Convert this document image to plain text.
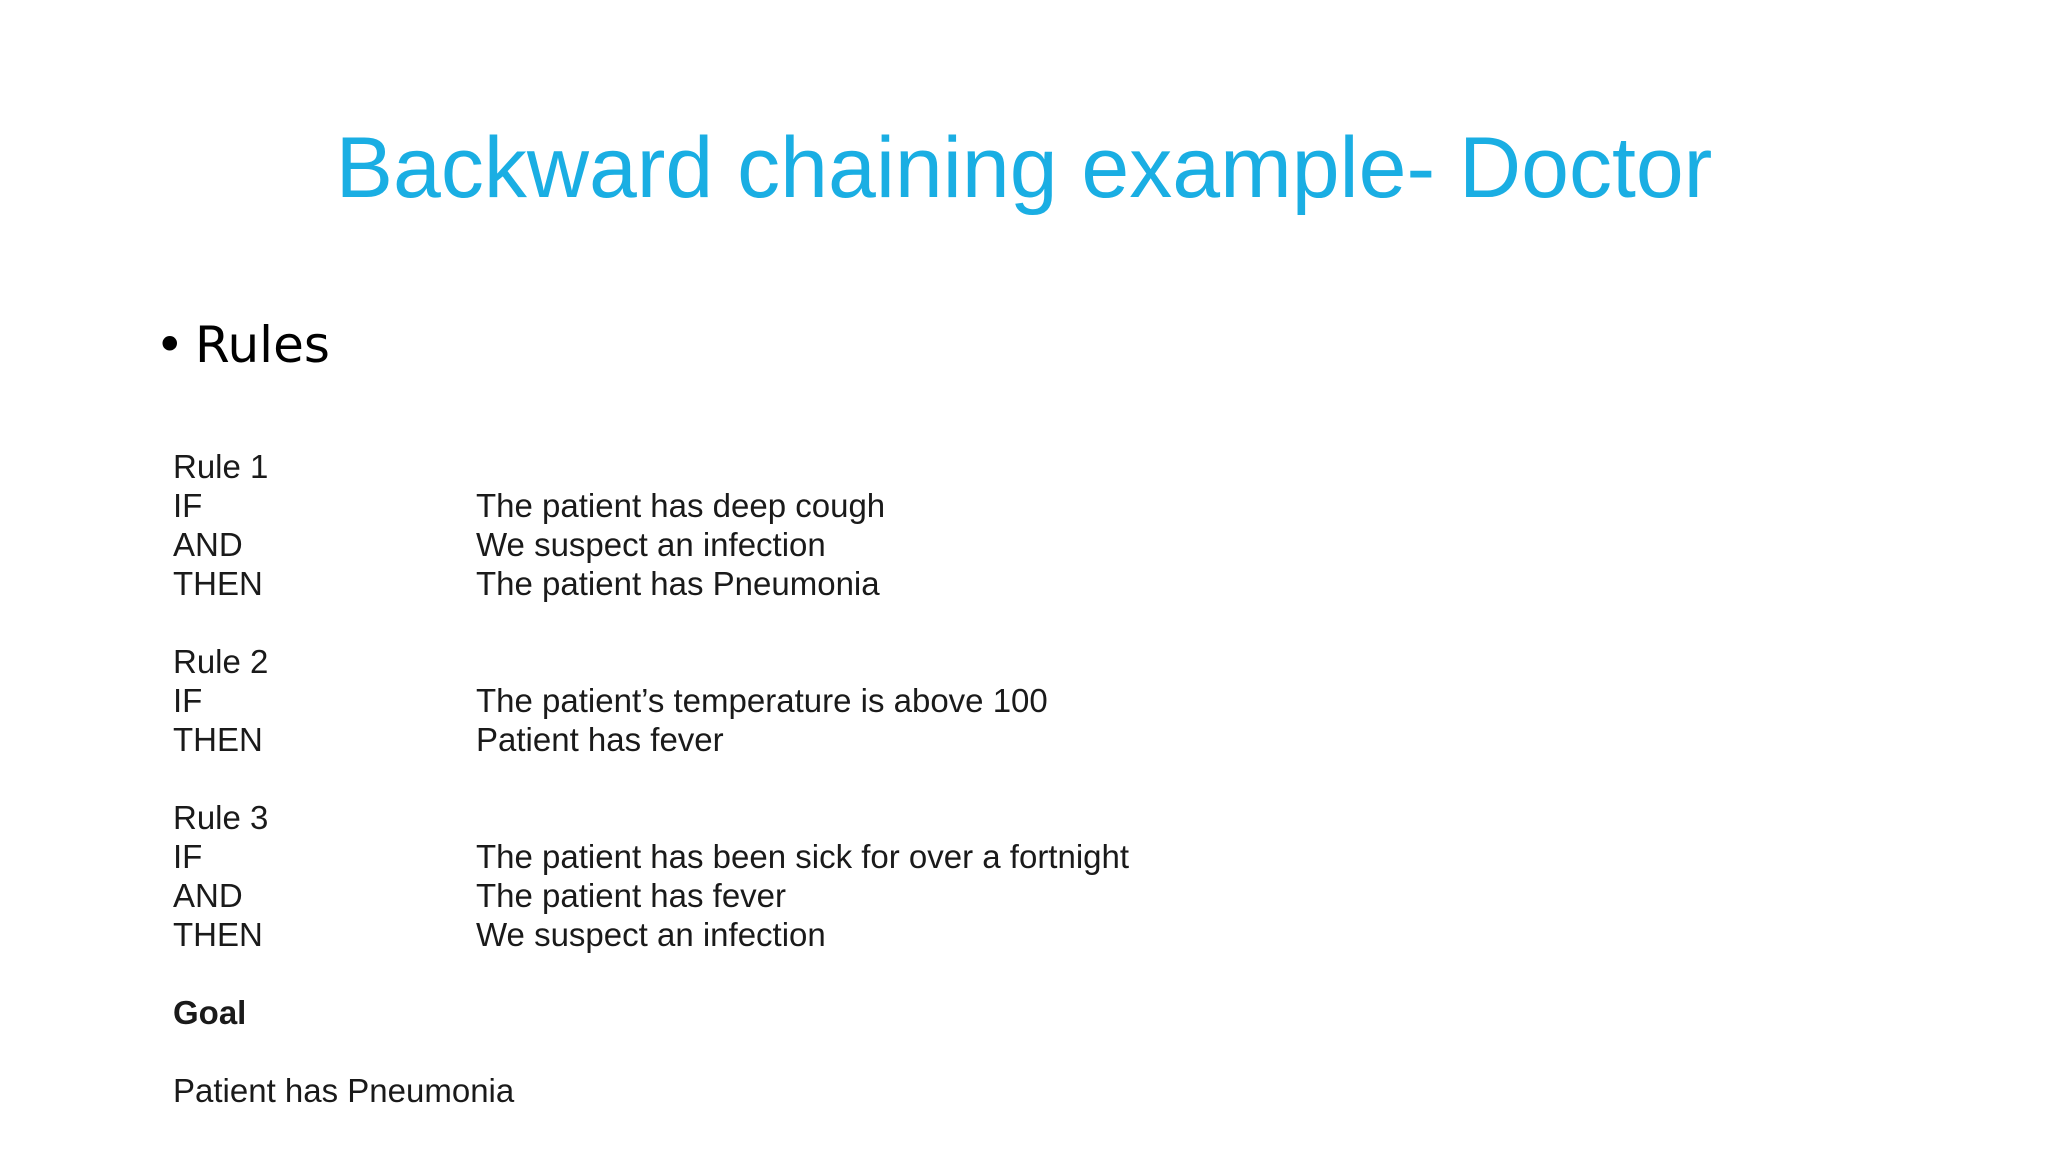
Backward chaining example- Doctor
• Rules
Rule 1
IF	The patient has deep cough
AND	We suspect an infection
THEN	The patient has Pneumonia
Rule 2
IF	The patient’s temperature is above 100
THEN	Patient has fever
Rule 3
IF	The patient has been sick for over a fortnight
AND	The patient has fever
THEN	We suspect an infection
Goal
Patient has Pneumonia
